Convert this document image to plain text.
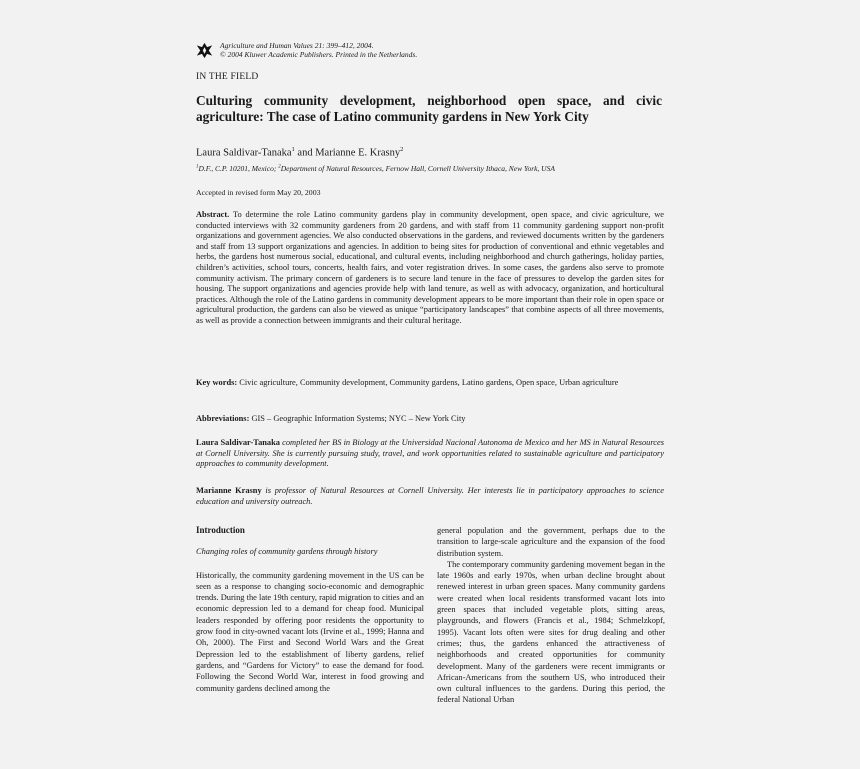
Agriculture and Human Values 21: 399–412, 2004.
© 2004 Kluwer Academic Publishers. Printed in the Netherlands.
IN THE FIELD
Culturing community development, neighborhood open space, and civic
agriculture: The case of Latino community gardens in New York City
Laura Saldivar-Tanaka$^1$ and Marianne E. Krasny$^2$
$^1$D.F., C.P. 10201, Mexico; $^2$Department of Natural Resources, Fernow Hall, Cornell University Ithaca, New York, USA
Accepted in revised form May 20, 2003
Abstract. To determine the role Latino community gardens play in community development, open space, and civic agriculture, we conducted interviews with 32 community gardeners from 20 gardens, and with staff from 11 community gardening support non-profit organizations and government agencies. We also conducted observations in the gardens, and reviewed documents written by the gardeners and staff from 13 support organizations and agencies. In addition to being sites for production of conventional and ethnic vegetables and herbs, the gardens host numerous social, educational, and cultural events, including neighborhood and church gatherings, holiday parties, children’s activities, school tours, concerts, health fairs, and voter registration drives. In some cases, the gardens also serve to promote community activism. The primary concern of gardeners is to secure land tenure in the face of pressures to develop the garden sites for housing. The support organizations and agencies provide help with land tenure, as well as with advocacy, organization, and horticultural practices. Although the role of the Latino gardens in community development appears to be more important than their role in open space or agricultural production, the gardens can also be viewed as unique “participatory landscapes” that combine aspects of all three movements, as well as provide a connection between immigrants and their cultural heritage.
Key words: Civic agriculture, Community development, Community gardens, Latino gardens, Open space, Urban agriculture
Abbreviations: GIS – Geographic Information Systems; NYC – New York City
Laura Saldivar-Tanaka completed her BS in Biology at the Universidad Nacional Autonoma de Mexico and her MS in Natural Resources at Cornell University. She is currently pursuing study, travel, and work opportunities related to sustainable agriculture and participatory approaches to community development.
Marianne Krasny is professor of Natural Resources at Cornell University. Her interests lie in participatory approaches to science education and university outreach.
Introduction
Changing roles of community gardens through history

Historically, the community gardening movement in the US can be seen as a response to changing socio-economic and demographic trends. During the late 19th century, rapid migration to cities and an economic depression led to a demand for cheap food. Municipal leaders responded by offering poor residents the opportunity to grow food in city-owned vacant lots (Irvine et al., 1999; Hanna and Oh, 2000). The First and Second World Wars and the Great Depression led to the establishment of liberty gardens, relief gardens, and “Gardens for Victory” to ease the demand for food. Following the Second World War, interest in food growing and community gardens declined among the

general population and the government, perhaps due to the transition to large-scale agriculture and the expansion of the food distribution system.

The contemporary community gardening movement began in the late 1960s and early 1970s, when urban decline brought about renewed interest in urban green spaces. Many community gardens were created when local residents transformed vacant lots into green spaces that included vegetable plots, sitting areas, playgrounds, and flowers (Francis et al., 1984; Schmelzkopf, 1995). Vacant lots often were sites for drug dealing and other crimes; thus, the gardens enhanced the attractiveness of neighborhoods and created opportunities for community development. Many of the gardeners were recent immigrants or African-Americans from the southern US, who introduced their own cultural influences to the gardens. During this period, the federal National Urban
